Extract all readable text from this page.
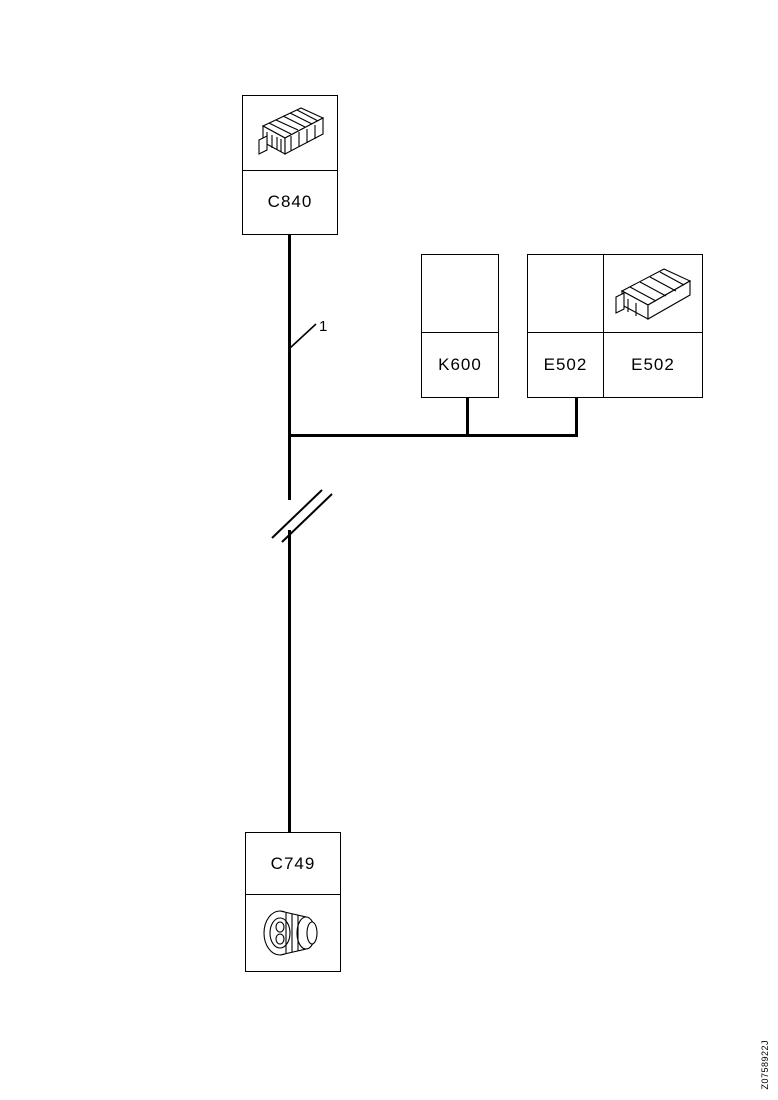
1
C840
K600	E502	E502
C749
Z0758922J
